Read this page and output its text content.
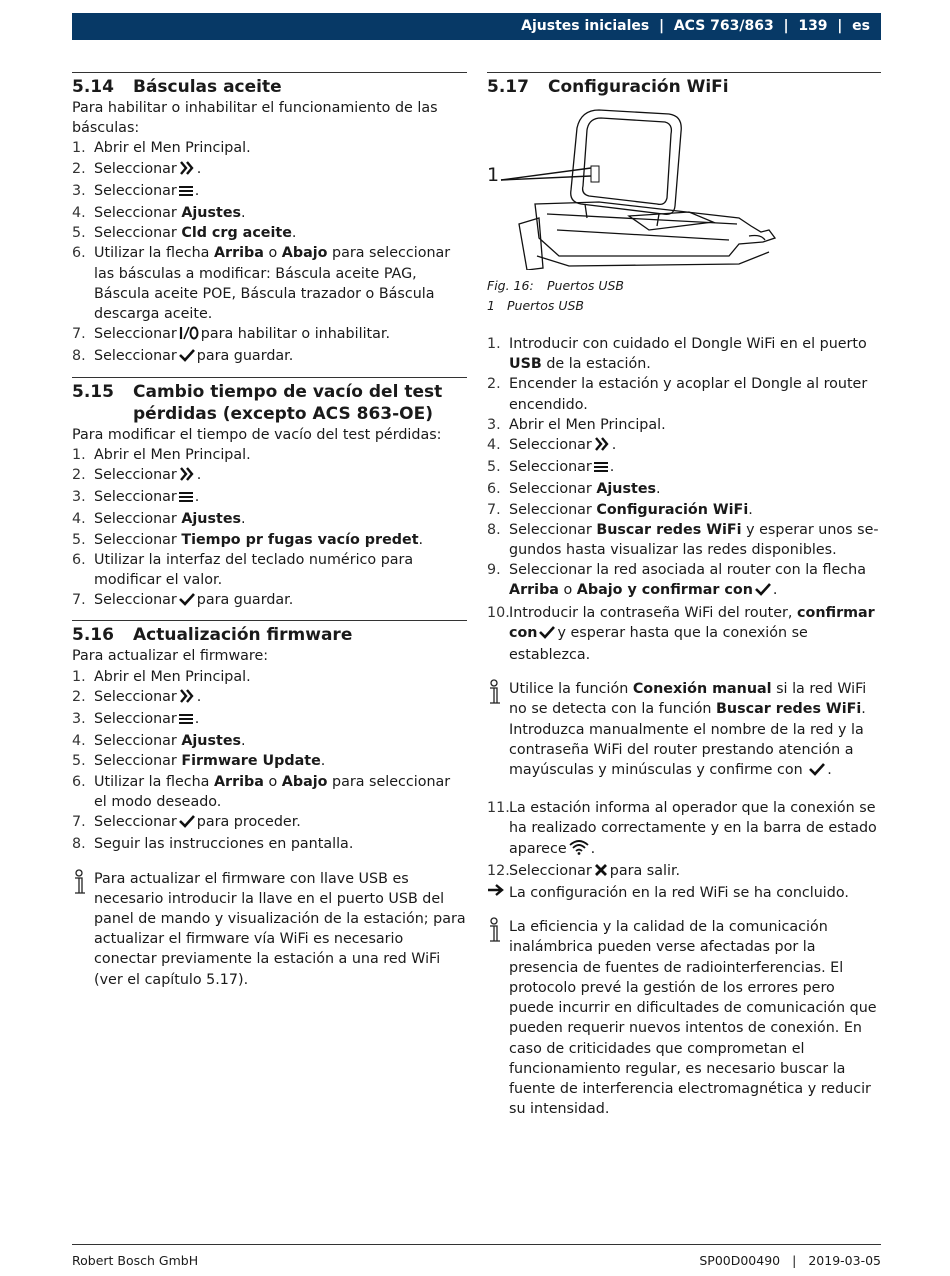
Ajustes iniciales  |  ACS 763/863  |  139  |  es
5.14	Básculas aceite

Para habilitar o inhabilitar el funcionamiento de las básculas:

1. Abrir el Men Principal.
2. Seleccionar .
3. Seleccionar .
4. Seleccionar Ajustes.
5. Seleccionar Cld crg aceite.
6. Utilizar la flecha Arriba o Abajo para seleccionar las básculas a modificar: Báscula aceite PAG, Báscula aceite POE, Báscula trazador o Báscula descarga aceite.
7. Seleccionar para habilitar o inhabilitar.
8. Seleccionar para guardar.
5.15	Cambio tiempo de vacío del test pérdidas (excepto ACS 863-OE)

Para modificar el tiempo de vacío del test pérdidas:

1. Abrir el Men Principal.
2. Seleccionar .
3. Seleccionar .
4. Seleccionar Ajustes.
5. Seleccionar Tiempo pr fugas vacío predet.
6. Utilizar la interfaz del teclado numérico para modificar el valor.
7. Seleccionar para guardar.
5.16	Actualización firmware

Para actualizar el firmware:

1. Abrir el Men Principal.
2. Seleccionar .
3. Seleccionar .
4. Seleccionar Ajustes.
5. Seleccionar Firmware Update.
6. Utilizar la flecha Arriba o Abajo para seleccionar el modo deseado.
7. Seleccionar para proceder.
8. Seguir las instrucciones en pantalla.
Para actualizar el firmware con llave USB es necesario introducir la llave en el puerto USB del panel de mando y visualización de la estación; para actualizar el firmware vía WiFi es necesario conectar previamente la estación a una red WiFi (ver el capítulo 5.17).
5.17	Configuración WiFi
1
Fig. 16: Puertos USB
1 Puertos USB
1. Introducir con cuidado el Dongle WiFi en el puerto USB de la estación.
2. Encender la estación y acoplar el Dongle al router encendido.
3. Abrir el Men Principal.
4. Seleccionar .
5. Seleccionar .
6. Seleccionar Ajustes.
7. Seleccionar Configuración WiFi.
8. Seleccionar Buscar redes WiFi y esperar unos segundos hasta visualizar las redes disponibles.
9. Seleccionar la red asociada al router con la flecha Arriba o Abajo y confirmar con .
10. Introducir la contraseña WiFi del router, confirmar con y esperar hasta que la conexión se establezca.
Utilice la función Conexión manual si la red WiFi no se detecta con la función Buscar redes WiFi. Introduzca manualmente el nombre de la red y la contraseña WiFi del router prestando atención a mayúsculas y minúsculas y confirme con .
11. La estación informa al operador que la conexión se ha realizado correctamente y en la barra de estado aparece .
12. Seleccionar para salir.
La configuración en la red WiFi se ha concluido.
La eficiencia y la calidad de la comunicación inalámbrica pueden verse afectadas por la presencia de fuentes de radiointerferencias. El protocolo prevé la gestión de los errores pero puede incurrir en dificultades de comunicación que pueden requerir nuevos intentos de conexión. En caso de criticidades que comprometan el funcionamiento regular, es necesario buscar la fuente de interferencia electromagnética y reducir su intensidad.
Robert Bosch GmbH	SP00D00490 | 2019-03-05
